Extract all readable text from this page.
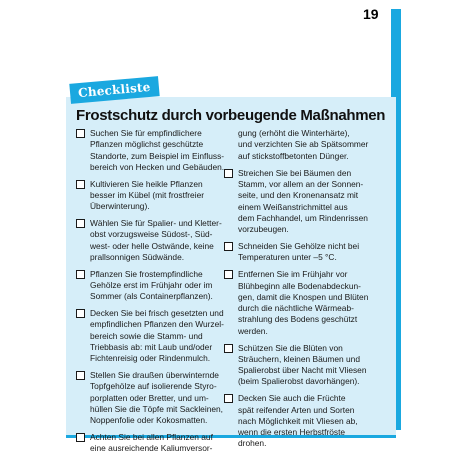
19
Checkliste
Frostschutz durch vorbeugende Maßnahmen
Suchen Sie für empfindlichere
Pflanzen möglichst geschützte
Standorte, zum Beispiel im Einfluss-
bereich von Hecken und Gebäuden.
Kultivieren Sie heikle Pflanzen
besser im Kübel (mit frostfreier
Überwinterung).
Wählen Sie für Spalier- und Kletter-
obst vorzugsweise Südost-, Süd-
west- oder helle Ostwände, keine
prallsonnigen Südwände.
Pflanzen Sie frostempfindliche
Gehölze erst im Frühjahr oder im
Sommer (als Containerpflanzen).
Decken Sie bei frisch gesetzten und
empfindlichen Pflanzen den Wurzel-
bereich sowie die Stamm- und
Triebbasis ab: mit Laub und/oder
Fichtenreisig oder Rindenmulch.
Stellen Sie draußen überwinternde
Topfgehölze auf isolierende Styro-
porplatten oder Bretter, und um-
hüllen Sie die Töpfe mit Sackleinen,
Noppenfolie oder Kokosmatten.
Achten Sie bei allen Pflanzen auf
eine ausreichende Kaliumversor-
gung (erhöht die Winterhärte),
und verzichten Sie ab Spätsommer
auf stickstoffbetonten Dünger.
Streichen Sie bei Bäumen den
Stamm, vor allem an der Sonnen-
seite, und den Kronenansatz mit
einem Weißanstrichmittel aus
dem Fachhandel, um Rindenrissen
vorzubeugen.
Schneiden Sie Gehölze nicht bei
Temperaturen unter –5 °C.
Entfernen Sie im Frühjahr vor
Blühbeginn alle Bodenabdeckun-
gen, damit die Knospen und Blüten
durch die nächtliche Wärmeab-
strahlung des Bodens geschützt
werden.
Schützen Sie die Blüten von
Sträuchern, kleinen Bäumen und
Spalierobst über Nacht mit Vliesen
(beim Spalierobst davorhängen).
Decken Sie auch die Früchte
spät reifender Arten und Sorten
nach Möglichkeit mit Vliesen ab,
wenn die ersten Herbstfröste
drohen.
